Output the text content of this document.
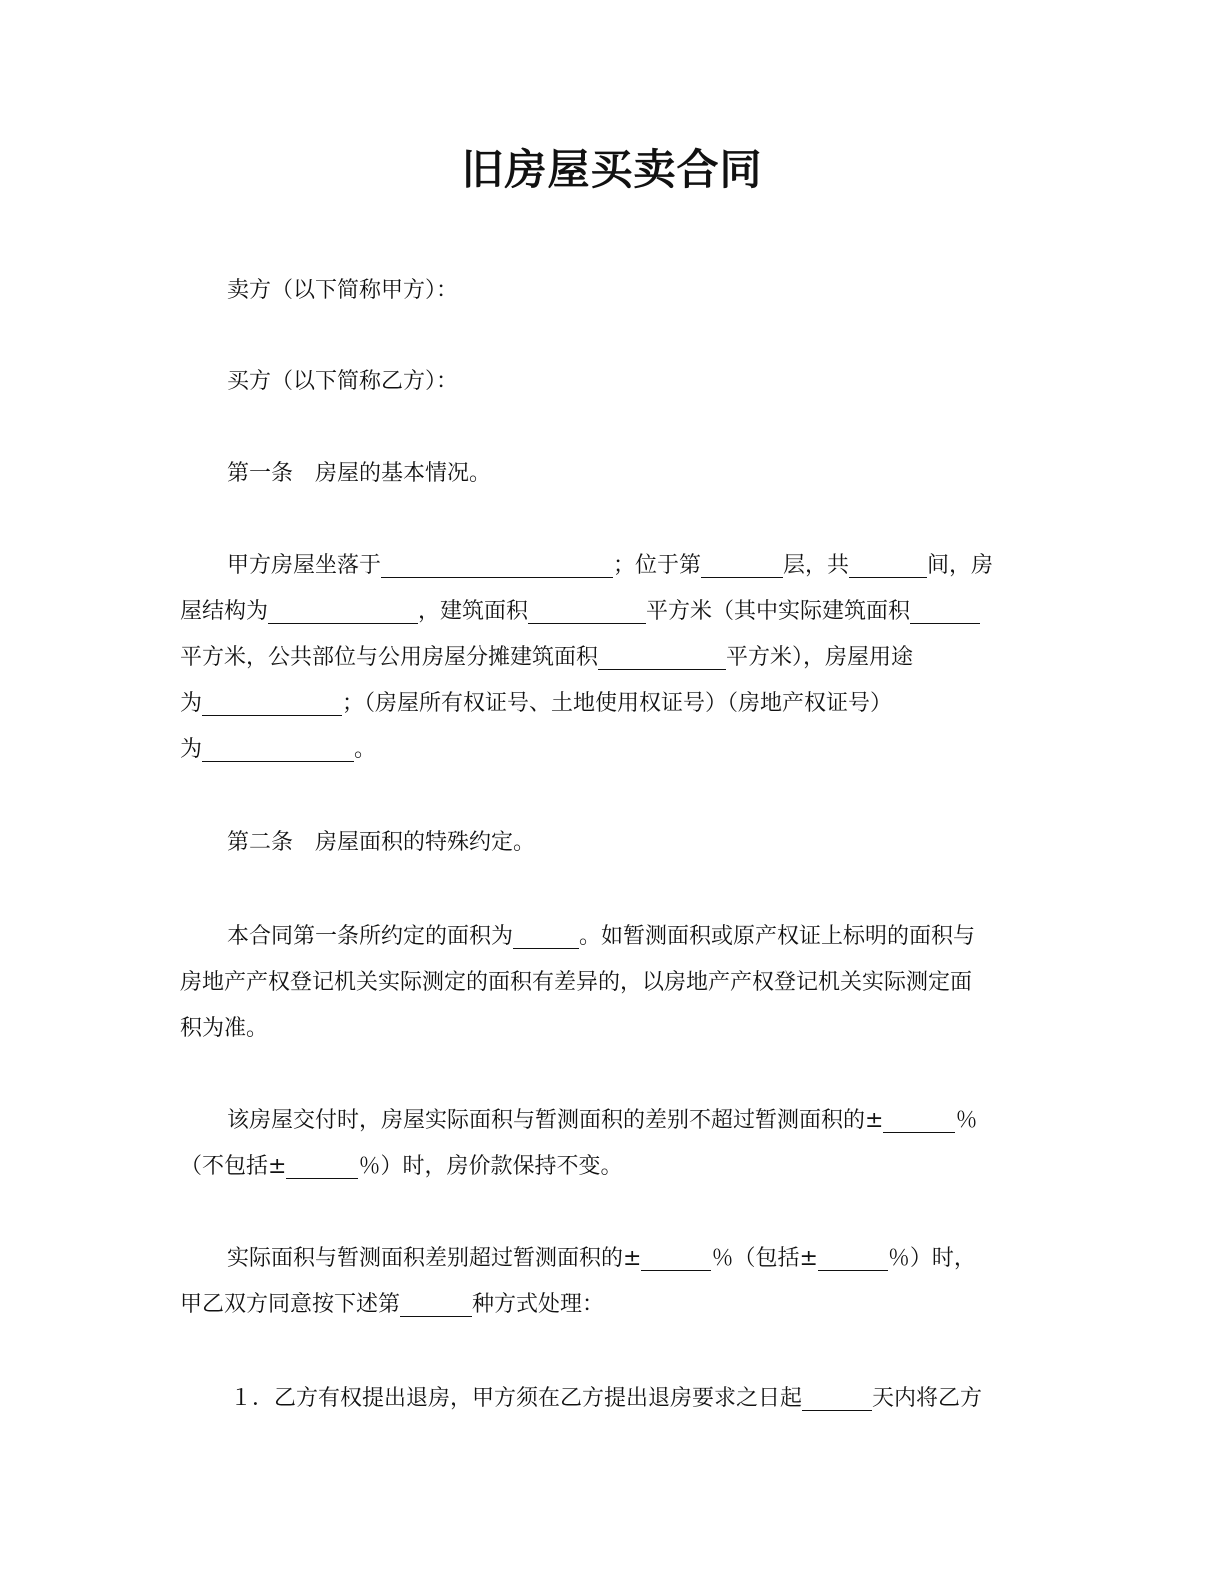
旧房屋买卖合同
卖方（以下简称甲方）：
买方（以下简称乙方）：
第一条　房屋的基本情况。
甲方房屋坐落于	；位于第	层，共	间，房
屋结构为	，建筑面积	平方米（其中实际建筑面积
平方米，公共部位与公用房屋分摊建筑面积	平方米），房屋用途
为	；（房屋所有权证号、土地使用权证号）（房地产权证号）
为	。
第二条　房屋面积的特殊约定。
本合同第一条所约定的面积为	。如暂测面积或原产权证上标明的面积与
房地产产权登记机关实际测定的面积有差异的，以房地产产权登记机关实际测定面
积为准。
该房屋交付时，房屋实际面积与暂测面积的差别不超过暂测面积的±	％
（不包括±	％）时，房价款保持不变。
实际面积与暂测面积差别超过暂测面积的±	％（包括±	％）时，
甲乙双方同意按下述第	种方式处理：
１．乙方有权提出退房，甲方须在乙方提出退房要求之日起	天内将乙方
